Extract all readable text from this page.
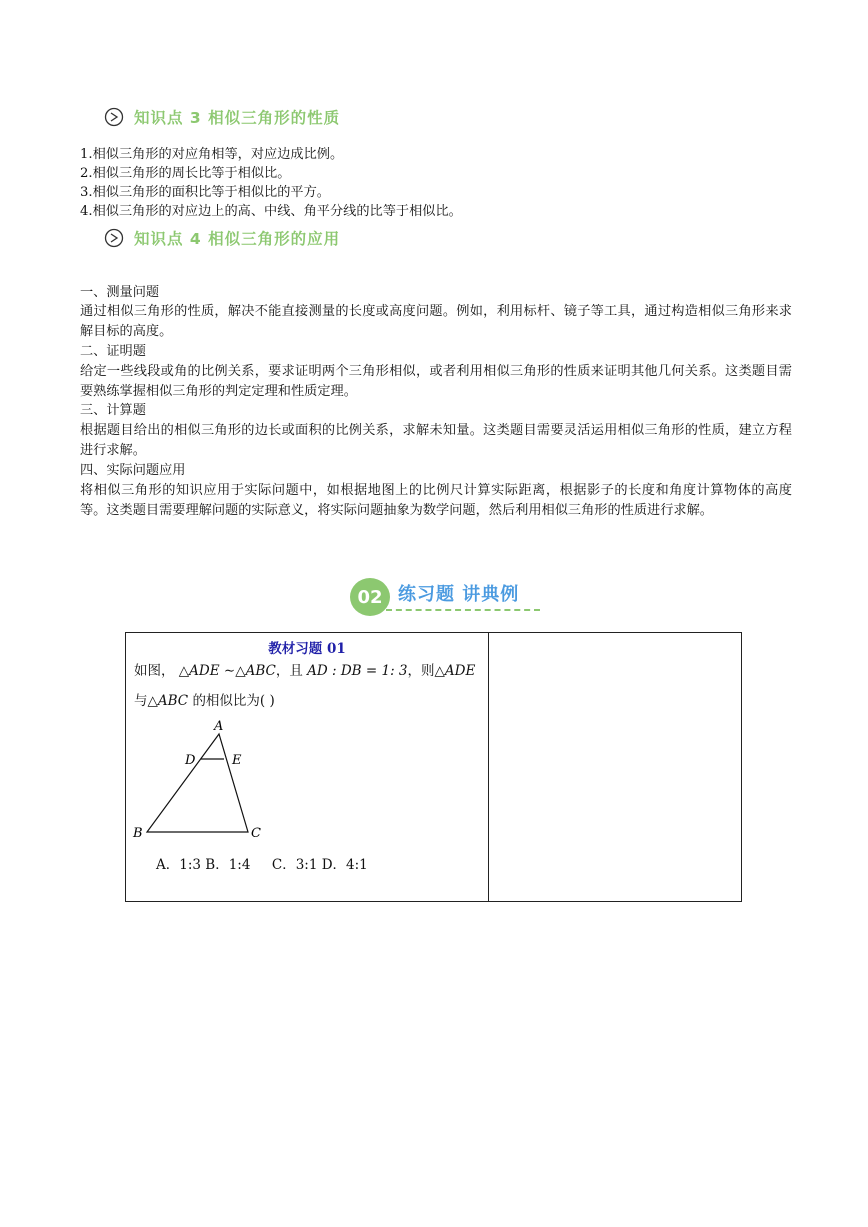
知识点 3 相似三角形的性质
1.相似三角形的对应角相等，对应边成比例。
2.相似三角形的周长比等于相似比。
3.相似三角形的面积比等于相似比的平方。
4.相似三角形的对应边上的高、中线、角平分线的比等于相似比。
知识点 4 相似三角形的应用
一、测量问题
通过相似三角形的性质，解决不能直接测量的长度或高度问题。例如，利用标杆、镜子等工具，通过构造相似三角形来求解目标的高度。
二、证明题
给定一些线段或角的比例关系，要求证明两个三角形相似，或者利用相似三角形的性质来证明其他几何关系。这类题目需要熟练掌握相似三角形的判定定理和性质定理。
三、计算题
根据题目给出的相似三角形的边长或面积的比例关系，求解未知量。这类题目需要灵活运用相似三角形的性质，建立方程进行求解。
四、实际问题应用
将相似三角形的知识应用于实际问题中，如根据地图上的比例尺计算实际距离，根据影子的长度和角度计算物体的高度等。这类题目需要理解问题的实际意义，将实际问题抽象为数学问题，然后利用相似三角形的性质进行求解。
02 练习题 讲典例
教材习题 01
如图， △ADE ∼△ABC，且 AD : DB = 1: 3，则△ADE
与△ABC 的相似比为( )
A
D	E
B	C
A．1:3 B．1:4     C．3:1 D．4:1
